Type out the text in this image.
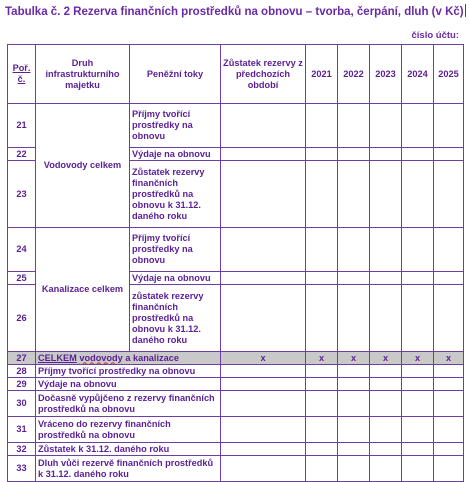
Tabulka č. 2 Rezerva finančních prostředků na obnovu – tvorba, čerpání, dluh (v Kč)
číslo účtu:
Poř. č.	Druh infrastrukturního majetku	Peněžní toky	Zůstatek rezervy z předchozích období	2021	2022	2023	2024	2025
21	Vodovody celkem	Příjmy tvořící prostředky na obnovu						
22		Výdaje na obnovu						
23		Zůstatek rezervy finančních prostředků na obnovu k 31.12. daného roku						
24	Kanalizace celkem	Příjmy tvořící prostředky na obnovu						
25		Výdaje na obnovu						
26		zůstatek rezervy finančních prostředků na obnovu k 31.12. daného roku						
27	CELKEM vodovody a kanalizace		x	x	x	x	x	x
28	Příjmy tvořící prostředky na obnovu							
29	Výdaje na obnovu							
30	Dočasně vypůjčeno z rezervy finančních prostředků na obnovu							
31	Vráceno do rezervy finančních prostředků na obnovu							
32	Zůstatek k 31.12. daného roku							
33	Dluh vůči rezervě finančních prostředků k 31.12. daného roku							
